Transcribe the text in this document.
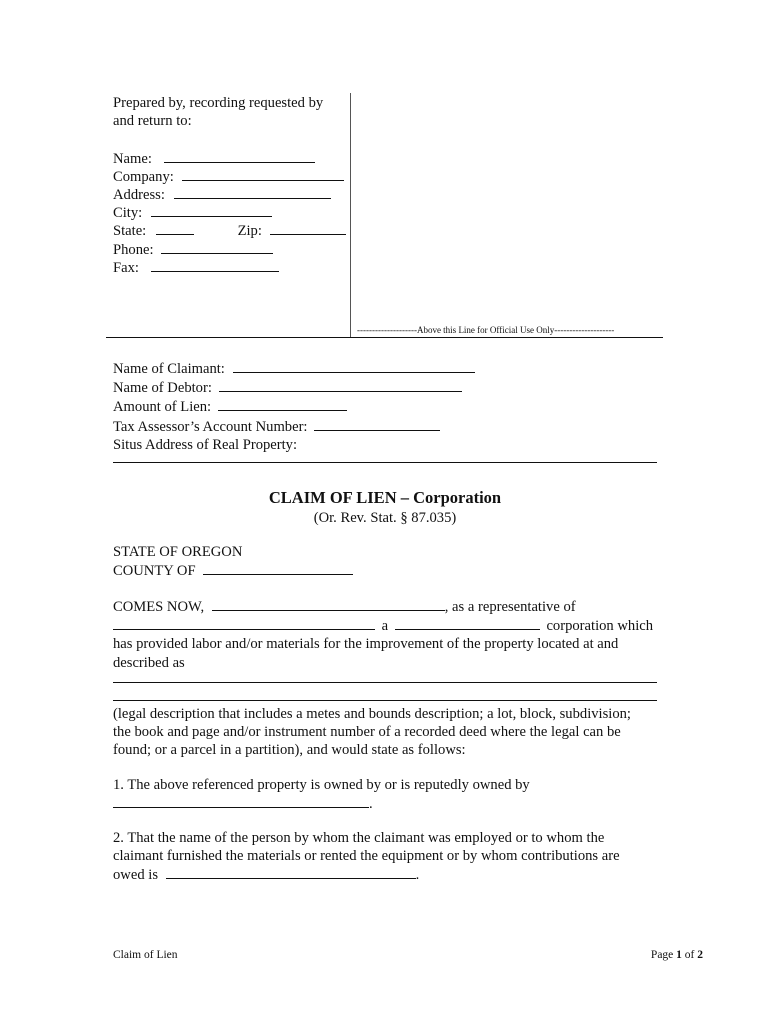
Prepared by, recording requested by
and return to:
Name:
Company:
Address:
City:
State:	Zip:
Phone:
Fax:
--------------------Above this Line for Official Use Only--------------------
Name of Claimant:
Name of Debtor:
Amount of Lien:
Tax Assessor’s Account Number:
Situs Address of Real Property:
CLAIM OF LIEN – Corporation
(Or. Rev. Stat. § 87.035)
STATE OF OREGON
COUNTY OF
COMES NOW,	, as a representative of
a	corporation which
has provided labor and/or materials for the improvement of the property located at and
described as
(legal description that includes a metes and bounds description; a lot, block, subdivision;
the book and page and/or instrument number of a recorded deed where the legal can be
found; or a parcel in a partition), and would state as follows:
1. The above referenced property is owned by or is reputedly owned by
.
2. That the name of the person by whom the claimant was employed or to whom the
claimant furnished the materials or rented the equipment or by whom contributions are
owed is	.
Claim of Lien	Page 1 of 2
